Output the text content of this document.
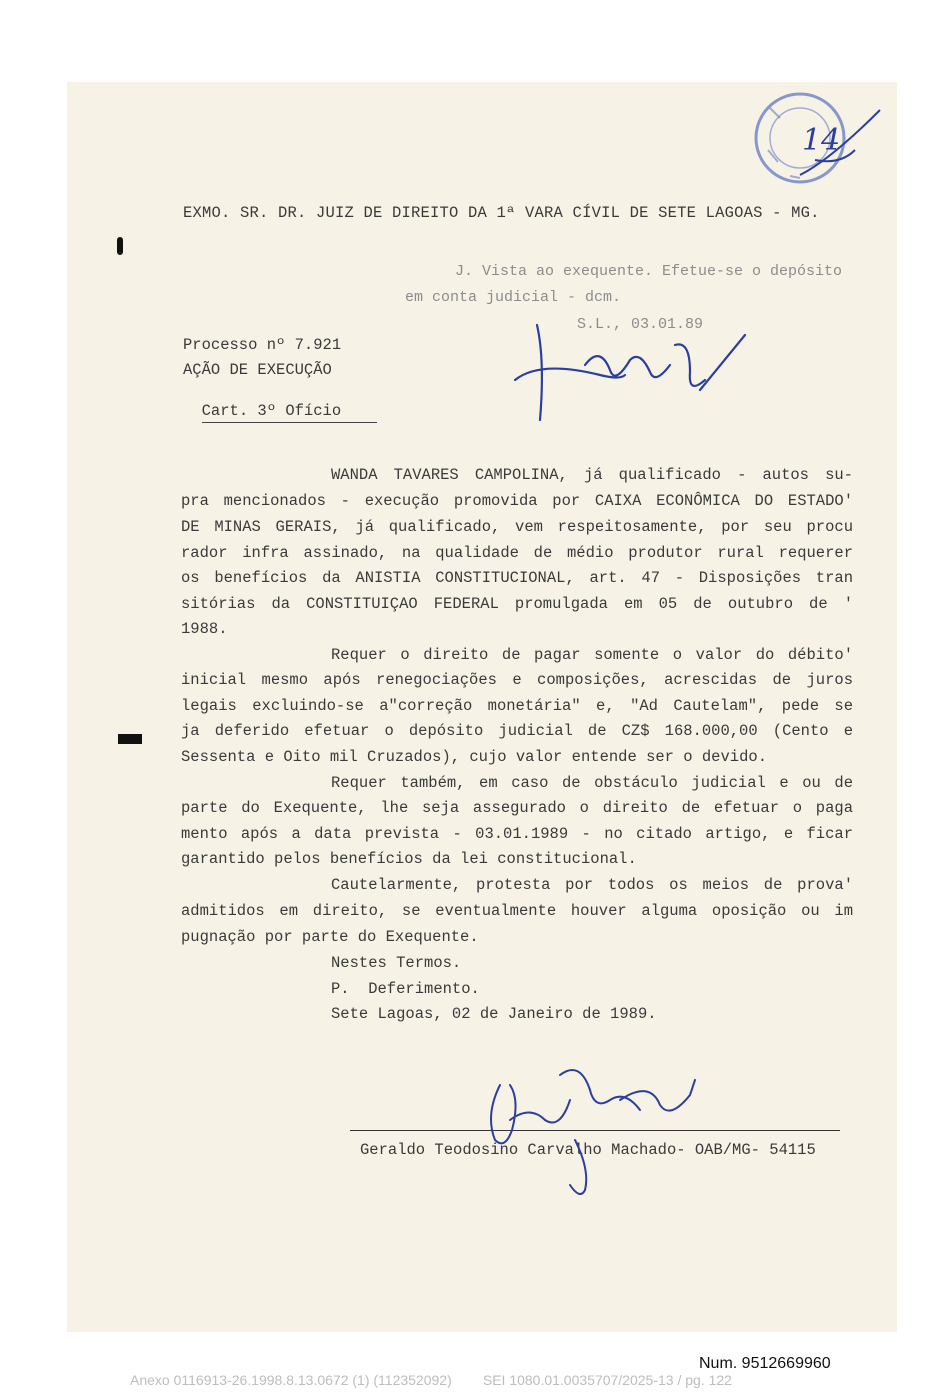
EXMO. SR. DR. JUIZ DE DIREITO DA 1ª VARA CÍVIL DE SETE LAGOAS - MG.
J. Vista ao exequente. Efetue-se o depósito
em conta judicial - dcm.
S.L., 03.01.89
Processo nº 7.921
AÇÃO DE EXECUÇÃO

Cart. 3º Ofício

WANDA TAVARES CAMPOLINA, já qualificado - autos su-
pra mencionados - execução promovida por CAIXA ECONÔMICA DO ESTADO'
DE MINAS GERAIS, já qualificado, vem respeitosamente, por seu procu
rador infra assinado, na qualidade de médio produtor rural requerer
os benefícios da ANISTIA CONSTITUCIONAL, art. 47 - Disposições tran
sitórias da CONSTITUIÇAO FEDERAL promulgada em 05 de outubro de '
1988.
Requer o direito de pagar somente o valor do débito'
inicial mesmo após renegociações e composições, acrescidas de juros
legais excluindo-se a"correção monetária" e, "Ad Cautelam", pede se
ja deferido efetuar o depósito judicial de CZ$ 168.000,00 (Cento e
Sessenta e Oito mil Cruzados), cujo valor entende ser o devido.
Requer também, em caso de obstáculo judicial e ou de
parte do Exequente, lhe seja assegurado o direito de efetuar o paga
mento após a data prevista - 03.01.1989 - no citado artigo, e ficar
garantido pelos benefícios da lei constitucional.
Cautelarmente, protesta por todos os meios de prova'
admitidos em direito, se eventualmente houver alguma oposição ou im
pugnação por parte do Exequente.
Nestes Termos.
P.  Deferimento.
Sete Lagoas, 02 de Janeiro de 1989.
Geraldo Teodosino Carvalho Machado- OAB/MG- 54115
14
Num. 9512669960
Anexo 0116913-26.1998.8.13.0672 (1) (112352092)        SEI 1080.01.0035707/2025-13 / pg. 122
